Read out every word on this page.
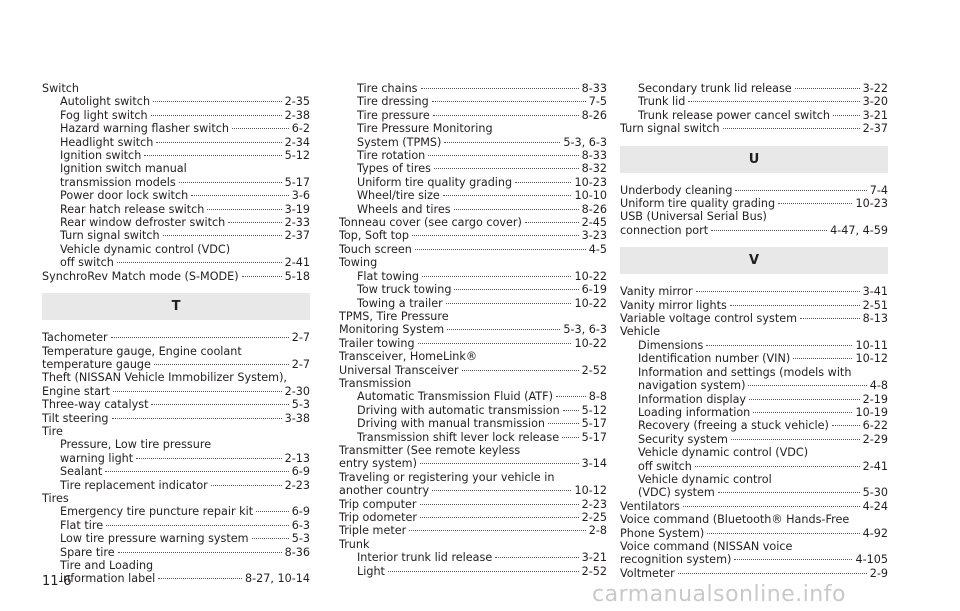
Switch
Autolight switch	2-35
Fog light switch	2-38
Hazard warning flasher switch	6-2
Headlight switch	2-34
Ignition switch	5-12
Ignition switch manual
transmission models	5-17
Power door lock switch	3-6
Rear hatch release switch	3-19
Rear window defroster switch	2-33
Turn signal switch	2-37
Vehicle dynamic control (VDC)
off switch	2-41
SynchroRev Match mode (S-MODE)	5-18
T
Tachometer	2-7
Temperature gauge, Engine coolant
temperature gauge	2-7
Theft (NISSAN Vehicle Immobilizer System),
Engine start	2-30
Three-way catalyst	5-3
Tilt steering	3-38
Tire
Pressure, Low tire pressure
warning light	2-13
Sealant	6-9
Tire replacement indicator	2-23
Tires
Emergency tire puncture repair kit	6-9
Flat tire	6-3
Low tire pressure warning system	5-3
Spare tire	8-36
Tire and Loading
information label	8-27, 10-14
Tire chains	8-33
Tire dressing	7-5
Tire pressure	8-26
Tire Pressure Monitoring
System (TPMS)	5-3, 6-3
Tire rotation	8-33
Types of tires	8-32
Uniform tire quality grading	10-23
Wheel/tire size	10-10
Wheels and tires	8-26
Tonneau cover (see cargo cover)	2-45
Top, Soft top	3-23
Touch screen	4-5
Towing
Flat towing	10-22
Tow truck towing	6-19
Towing a trailer	10-22
TPMS, Tire Pressure
Monitoring System	5-3, 6-3
Trailer towing	10-22
Transceiver, HomeLink®
Universal Transceiver	2-52
Transmission
Automatic Transmission Fluid (ATF)	8-8
Driving with automatic transmission 5-12
Driving with manual transmission	5-17
Transmission shift lever lock release 5-17
Transmitter (See remote keyless
entry system)	3-14
Traveling or registering your vehicle in
another country	10-12
Trip computer	2-23
Trip odometer	2-25
Triple meter	2-8
Trunk
Interior trunk lid release	3-21
Light	2-52
Secondary trunk lid release	3-22
Trunk lid	3-20
Trunk release power cancel switch	3-21
Turn signal switch	2-37
U
Underbody cleaning	7-4
Uniform tire quality grading	10-23
USB (Universal Serial Bus)
connection port	4-47, 4-59
V
Vanity mirror	3-41
Vanity mirror lights	2-51
Variable voltage control system	8-13
Vehicle
Dimensions	10-11
Identification number (VIN)	10-12
Information and settings (models with
navigation system)	4-8
Information display	2-19
Loading information	10-19
Recovery (freeing a stuck vehicle)	6-22
Security system	2-29
Vehicle dynamic control (VDC)
off switch	2-41
Vehicle dynamic control
(VDC) system	5-30
Ventilators	4-24
Voice command (Bluetooth® Hands-Free
Phone System)	4-92
Voice command (NISSAN voice
recognition system)	4-105
Voltmeter	2-9
11-6
carmanualsonline.info
